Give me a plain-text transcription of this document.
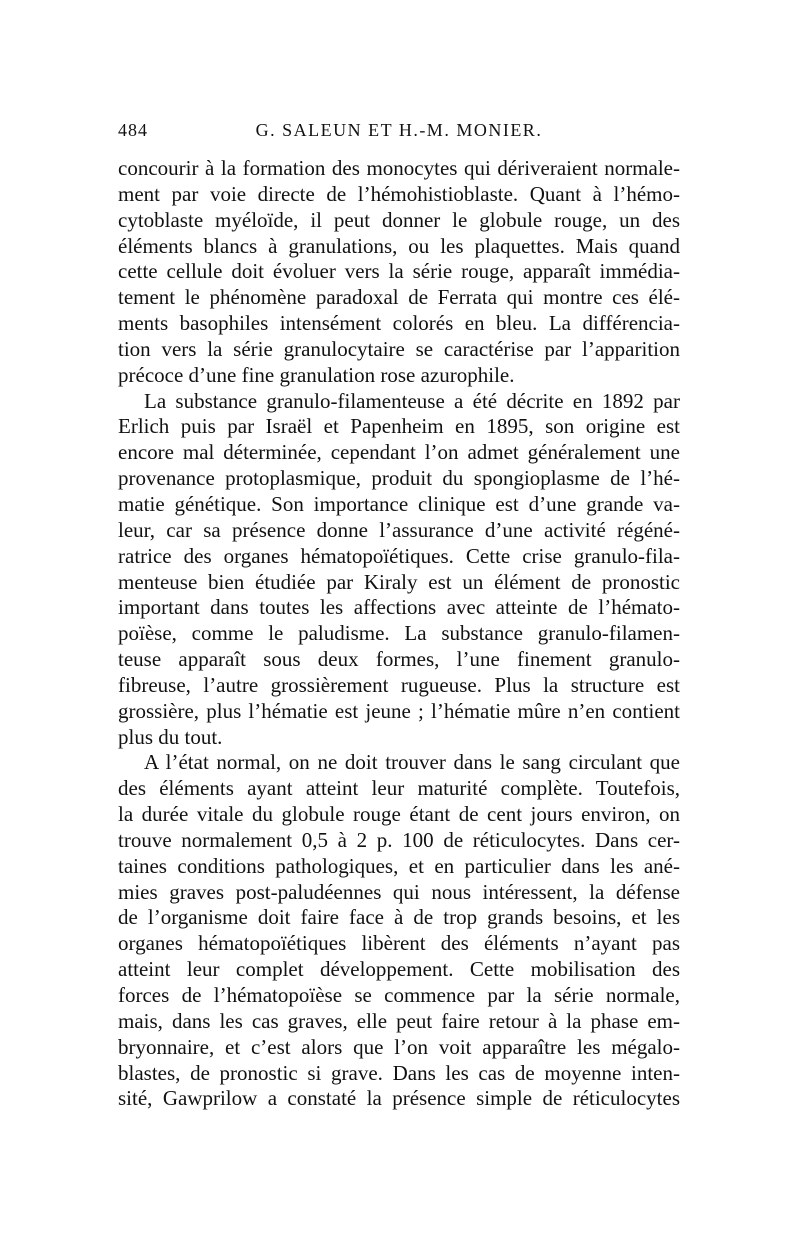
484	G. SALEUN ET H.-M. MONIER.
concourir à la formation des monocytes qui dériveraient normale-
ment par voie directe de l’hémohistioblaste. Quant à l’hémo-
cytoblaste myéloïde, il peut donner le globule rouge, un des
éléments blancs à granulations, ou les plaquettes. Mais quand
cette cellule doit évoluer vers la série rouge, apparaît immédia-
tement le phénomène paradoxal de Ferrata qui montre ces élé-
ments basophiles intensément colorés en bleu. La différencia-
tion vers la série granulocytaire se caractérise par l’apparition
précoce d’une fine granulation rose azurophile.
La substance granulo-filamenteuse a été décrite en 1892 par
Erlich puis par Israël et Papenheim en 1895, son origine est
encore mal déterminée, cependant l’on admet généralement une
provenance protoplasmique, produit du spongioplasme de l’hé-
matie génétique. Son importance clinique est d’une grande va-
leur, car sa présence donne l’assurance d’une activité régéné-
ratrice des organes hématopoïétiques. Cette crise granulo-fila-
menteuse bien étudiée par Kiraly est un élément de pronostic
important dans toutes les affections avec atteinte de l’hémato-
poïèse, comme le paludisme. La substance granulo-filamen-
teuse apparaît sous deux formes, l’une finement granulo-
fibreuse, l’autre grossièrement rugueuse. Plus la structure est
grossière, plus l’hématie est jeune ; l’hématie mûre n’en contient
plus du tout.
A l’état normal, on ne doit trouver dans le sang circulant que
des éléments ayant atteint leur maturité complète. Toutefois,
la durée vitale du globule rouge étant de cent jours environ, on
trouve normalement 0,5 à 2 p. 100 de réticulocytes. Dans cer-
taines conditions pathologiques, et en particulier dans les ané-
mies graves post-paludéennes qui nous intéressent, la défense
de l’organisme doit faire face à de trop grands besoins, et les
organes hématopoïétiques libèrent des éléments n’ayant pas
atteint leur complet développement. Cette mobilisation des
forces de l’hématopoïèse se commence par la série normale,
mais, dans les cas graves, elle peut faire retour à la phase em-
bryonnaire, et c’est alors que l’on voit apparaître les mégalo-
blastes, de pronostic si grave. Dans les cas de moyenne inten-
sité, Gawprilow a constaté la présence simple de réticulocytes
